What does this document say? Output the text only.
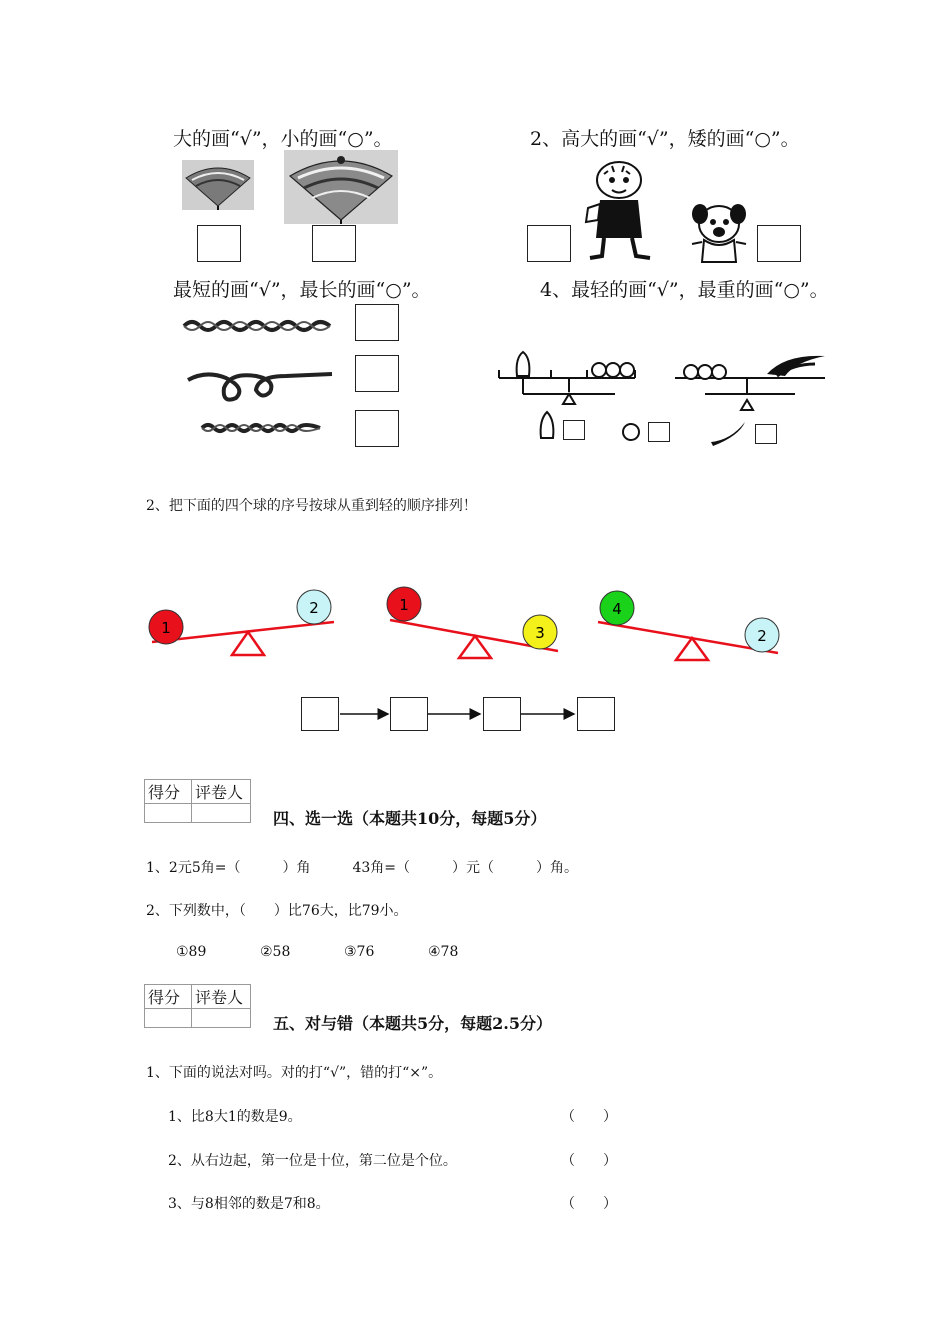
大的画“√”，小的画“○”。	2、高大的画“√”，矮的画“○”。
最短的画“√”，最长的画“○”。	4、最轻的画“√”，最重的画“○”。
2、把下面的四个球的序号按球从重到轻的顺序排列！
1
2	1
3
4
2
得分	评卷人

四、选一选（本题共10分，每题5分）
1、2元5角=（　　　）角　　　43角=（　　　）元（　　　）角。
2、下列数中，（　　）比76大，比79小。
①89	②58	③76	④78
得分	评卷人

五、对与错（本题共5分，每题2.5分）
1、下面的说法对吗。对的打“√”，错的打“×”。
1、比8大1的数是9。	（　　）
2、从右边起，第一位是十位，第二位是个位。	（　　）
3、与8相邻的数是7和8。	（　　）
